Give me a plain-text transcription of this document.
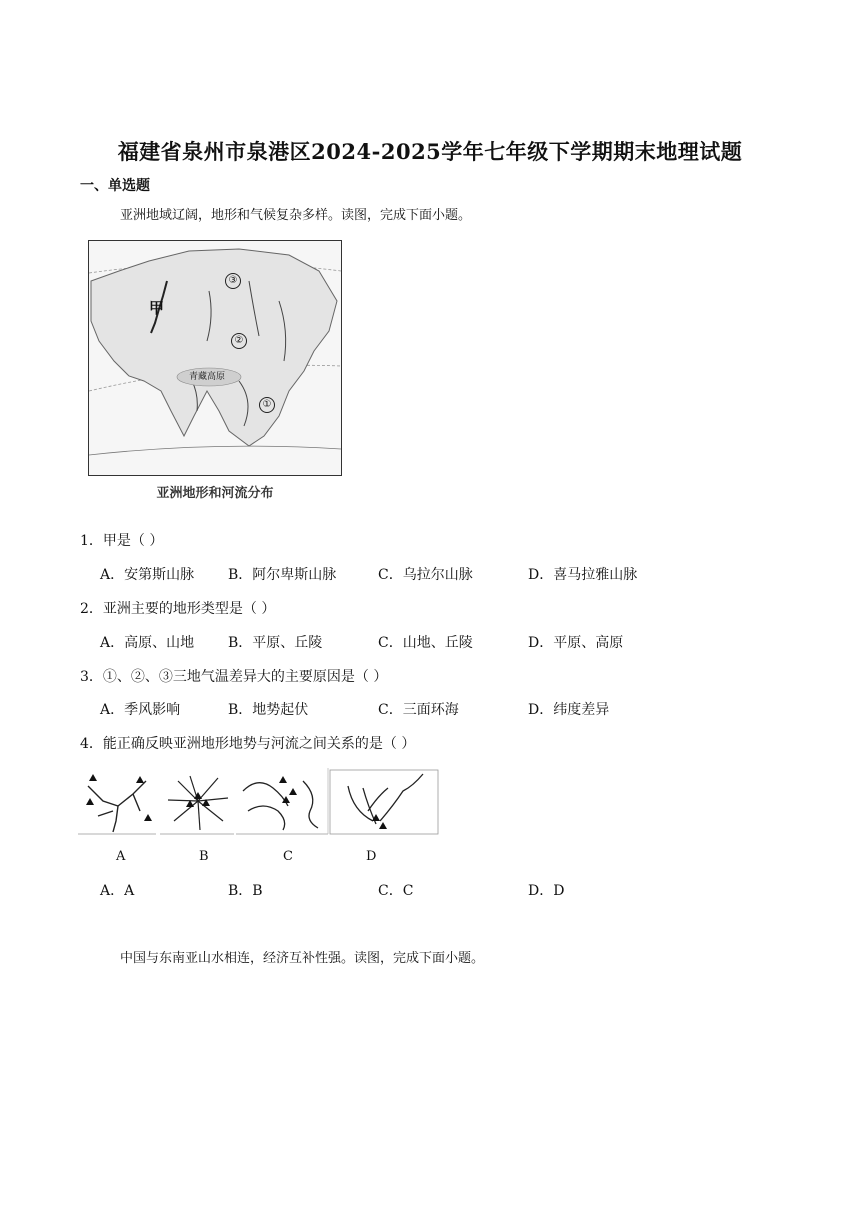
福建省泉州市泉港区2024-2025学年七年级下学期期末地理试题
一、单选题
亚洲地域辽阔，地形和气候复杂多样。读图，完成下面小题。
甲
青藏高原
③
②
①
亚洲地形和河流分布
1．甲是（ ）
A．安第斯山脉 B．阿尔卑斯山脉	C．乌拉尔山脉	D．喜马拉雅山脉
2．亚洲主要的地形类型是（ ）
A．高原、山地 B．平原、丘陵	C．山地、丘陵	D．平原、高原
3．①、②、③三地气温差异大的主要原因是（ ）
A．季风影响	B．地势起伏	C．三面环海	D．纬度差异
4．能正确反映亚洲地形地势与河流之间关系的是（ ）
A	B	C	D
A．A	B．B	C．C	D．D
中国与东南亚山水相连，经济互补性强。读图，完成下面小题。
